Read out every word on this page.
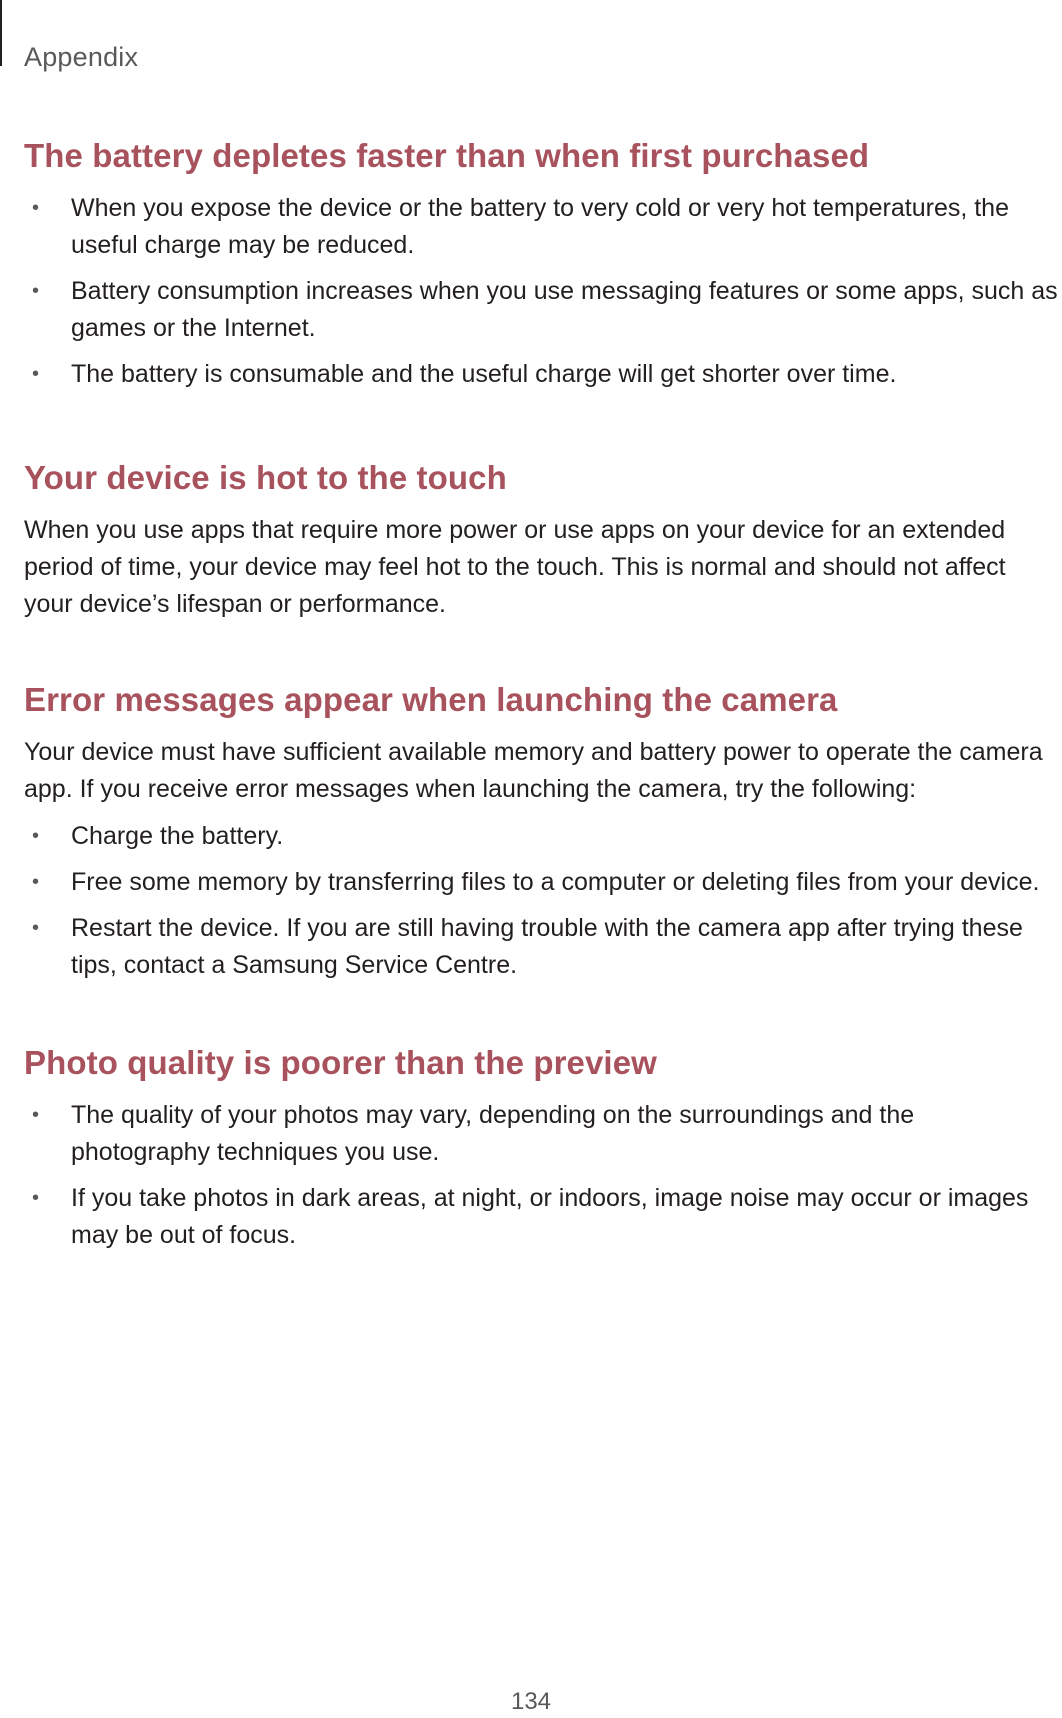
Appendix
The battery depletes faster than when first purchased
• When you expose the device or the battery to very cold or very hot temperatures, the
useful charge may be reduced.
• Battery consumption increases when you use messaging features or some apps, such as
games or the Internet.
• The battery is consumable and the useful charge will get shorter over time.
Your device is hot to the touch

When you use apps that require more power or use apps on your device for an extended
period of time, your device may feel hot to the touch. This is normal and should not affect
your device’s lifespan or performance.

Error messages appear when launching the camera

Your device must have sufficient available memory and battery power to operate the camera
app. If you receive error messages when launching the camera, try the following:

• Charge the battery.
• Free some memory by transferring files to a computer or deleting files from your device.
• Restart the device. If you are still having trouble with the camera app after trying these
tips, contact a Samsung Service Centre.
Photo quality is poorer than the preview
• The quality of your photos may vary, depending on the surroundings and the
photography techniques you use.
• If you take photos in dark areas, at night, or indoors, image noise may occur or images
may be out of focus.
134
